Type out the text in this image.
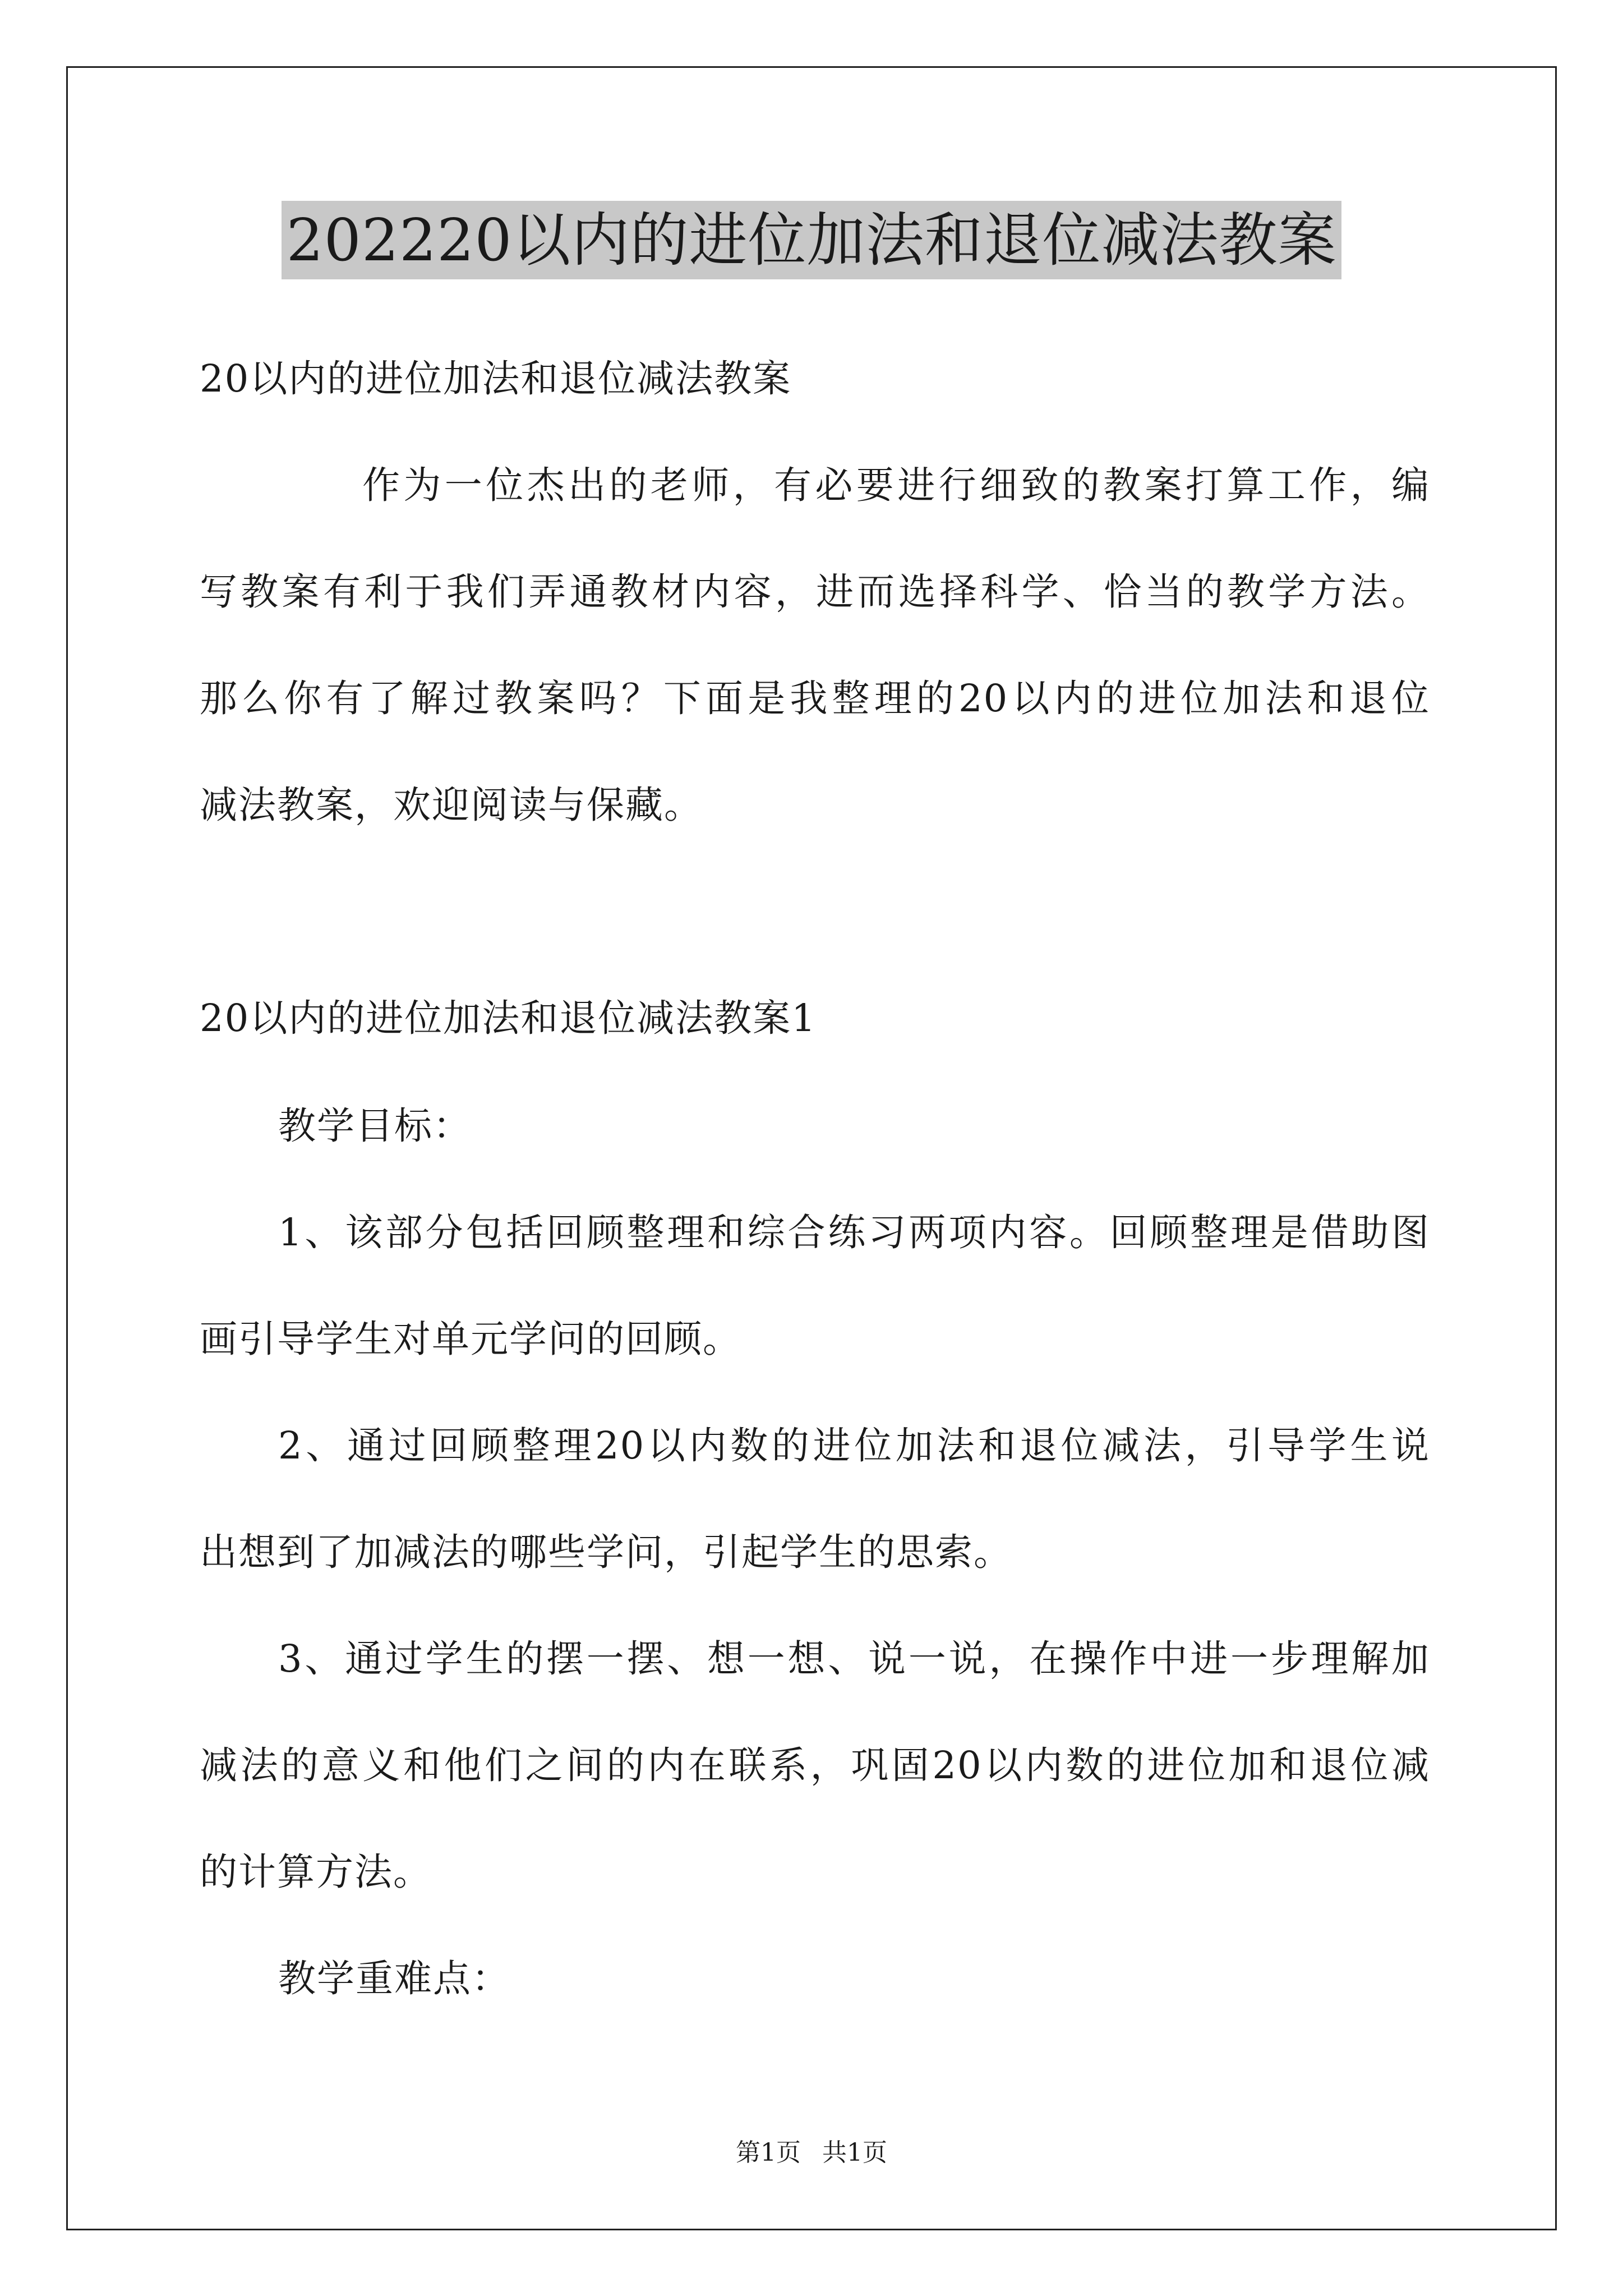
202220以内的进位加法和退位减法教案
20以内的进位加法和退位减法教案
作为一位杰出的老师，有必要进行细致的教案打算工作，编
写教案有利于我们弄通教材内容，进而选择科学、恰当的教学方法。
那么你有了解过教案吗？下面是我整理的20以内的进位加法和退位
减法教案，欢迎阅读与保藏。
20以内的进位加法和退位减法教案1
教学目标：
1、该部分包括回顾整理和综合练习两项内容。回顾整理是借助图
画引导学生对单元学问的回顾。
2、通过回顾整理20以内数的进位加法和退位减法，引导学生说
出想到了加减法的哪些学问，引起学生的思索。
3、通过学生的摆一摆、想一想、说一说，在操作中进一步理解加
减法的意义和他们之间的内在联系，巩固20以内数的进位加和退位减
的计算方法。
教学重难点：
第1页 共1页
